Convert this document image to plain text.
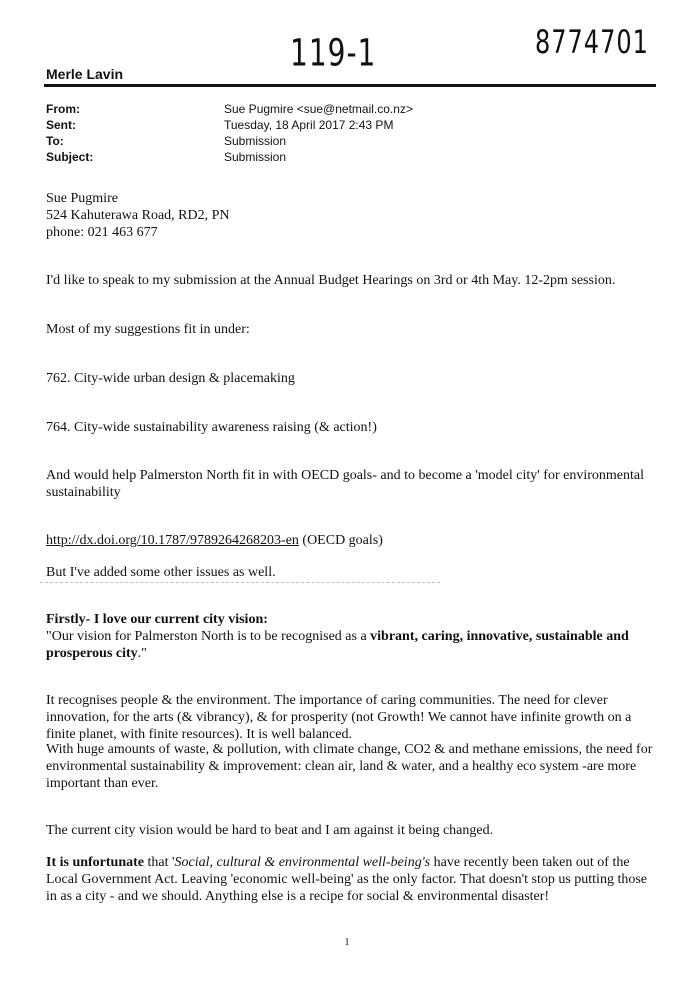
119-1	8774701
Merle Lavin
From:	Sue Pugmire <sue@netmail.co.nz>
Sent:	Tuesday, 18 April 2017 2:43 PM
To:	Submission
Subject:	Submission
Sue Pugmire
524 Kahuterawa Road, RD2, PN
phone: 021 463 677

I'd like to speak to my submission at the Annual Budget Hearings on 3rd or 4th May. 12-2pm session.

Most of my suggestions fit in under:

762. City-wide urban design & placemaking

764. City-wide sustainability awareness raising (& action!)

And would help Palmerston North fit in with OECD goals- and to become a 'model city' for environmental sustainability

http://dx.doi.org/10.1787/9789264268203-en (OECD goals)

But I've added some other issues as well.

Firstly- I love our current city vision:
"Our vision for Palmerston North is to be recognised as a vibrant, caring, innovative, sustainable and prosperous city."

It recognises people & the environment. The importance of caring communities. The need for clever innovation, for the arts (& vibrancy), & for prosperity (not Growth! We cannot have infinite growth on a finite planet, with finite resources). It is well balanced.

With huge amounts of waste, & pollution, with climate change, CO2 & and methane emissions, the need for environmental sustainability & improvement: clean air, land & water, and a healthy eco system -are more important than ever.

The current city vision would be hard to beat and I am against it being changed.

It is unfortunate that 'Social, cultural & environmental well-being's have recently been taken out of the Local Government Act. Leaving 'economic well-being' as the only factor. That doesn't stop us putting those in as a city - and we should. Anything else is a recipe for social & environmental disaster!

1
